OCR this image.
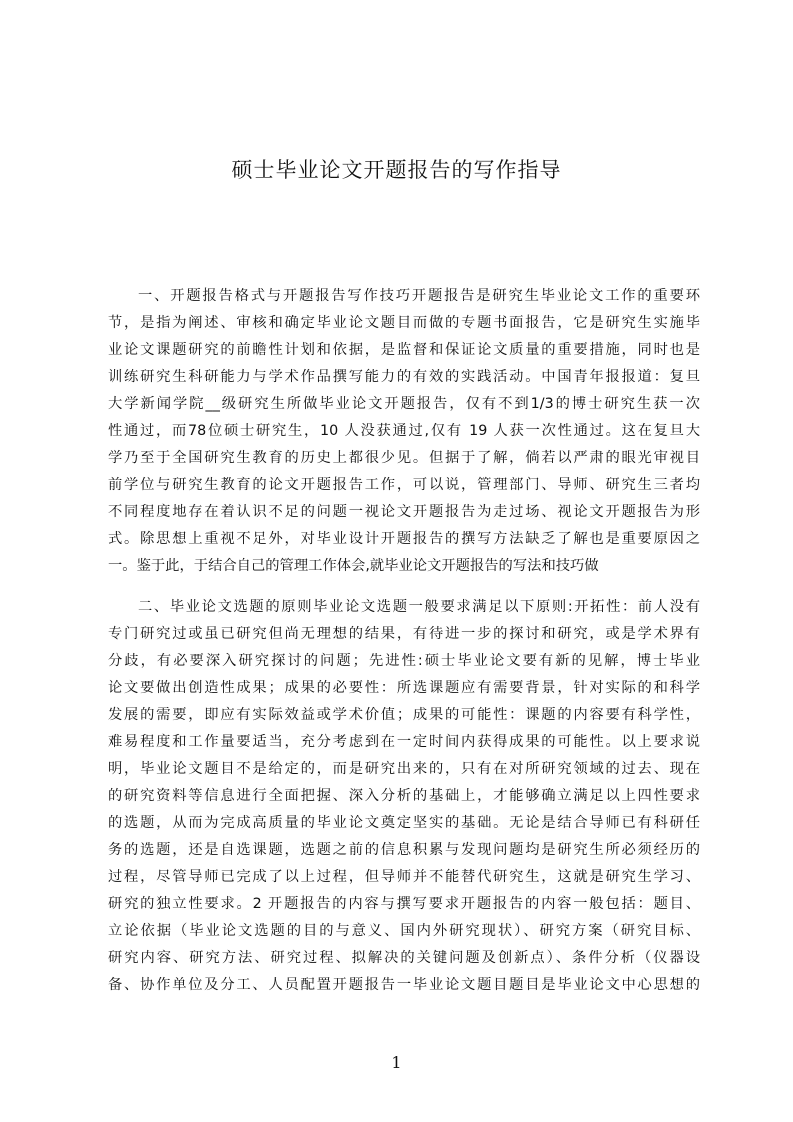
硕士毕业论文开题报告的写作指导
一、开题报告格式与开题报告写作技巧开题报告是研究生毕业论文工作的重要环
节，是指为阐述、审核和确定毕业论文题目而做的专题书面报告，它是研究生实施毕
业论文课题研究的前瞻性计划和依据，是监督和保证论文质量的重要措施，同时也是
训练研究生科研能力与学术作品撰写能力的有效的实践活动。中国青年报报道：复旦
大学新闻学院__级研究生所做毕业论文开题报告，仅有不到1/3的博士研究生获一次
性通过，而78位硕士研究生，10 人没获通过,仅有 19 人获一次性通过。这在复旦大
学乃至于全国研究生教育的历史上都很少见。但据于了解，倘若以严肃的眼光审视目
前学位与研究生教育的论文开题报告工作，可以说，管理部门、导师、研究生三者均
不同程度地存在着认识不足的问题一视论文开题报告为走过场、视论文开题报告为形
式。除思想上重视不足外，对毕业设计开题报告的撰写方法缺乏了解也是重要原因之
一。鉴于此，于结合自己的管理工作体会,就毕业论文开题报告的写法和技巧做
二、毕业论文选题的原则毕业论文选题一般要求满足以下原则:开拓性：前人没有
专门研究过或虽已研究但尚无理想的结果，有待进一步的探讨和研究，或是学术界有
分歧，有必要深入研究探讨的问题；先进性:硕士毕业论文要有新的见解，博士毕业
论文要做出创造性成果；成果的必要性：所选课题应有需要背景，针对实际的和科学
发展的需要，即应有实际效益或学术价值；成果的可能性：课题的内容要有科学性，
难易程度和工作量要适当，充分考虑到在一定时间内获得成果的可能性。以上要求说
明，毕业论文题目不是给定的，而是研究出来的，只有在对所研究领域的过去、现在
的研究资料等信息进行全面把握、深入分析的基础上，才能够确立满足以上四性要求
的选题，从而为完成高质量的毕业论文奠定坚实的基础。无论是结合导师已有科研任
务的选题，还是自选课题，选题之前的信息积累与发现问题均是研究生所必须经历的
过程，尽管导师已完成了以上过程，但导师并不能替代研究生，这就是研究生学习、
研究的独立性要求。2 开题报告的内容与撰写要求开题报告的内容一般包括：题目、
立论依据（毕业论文选题的目的与意义、国内外研究现状）、研究方案（研究目标、
研究内容、研究方法、研究过程、拟解决的关键问题及创新点）、条件分析（仪器设
备、协作单位及分工、人员配置开题报告一毕业论文题目题目是毕业论文中心思想的
1
